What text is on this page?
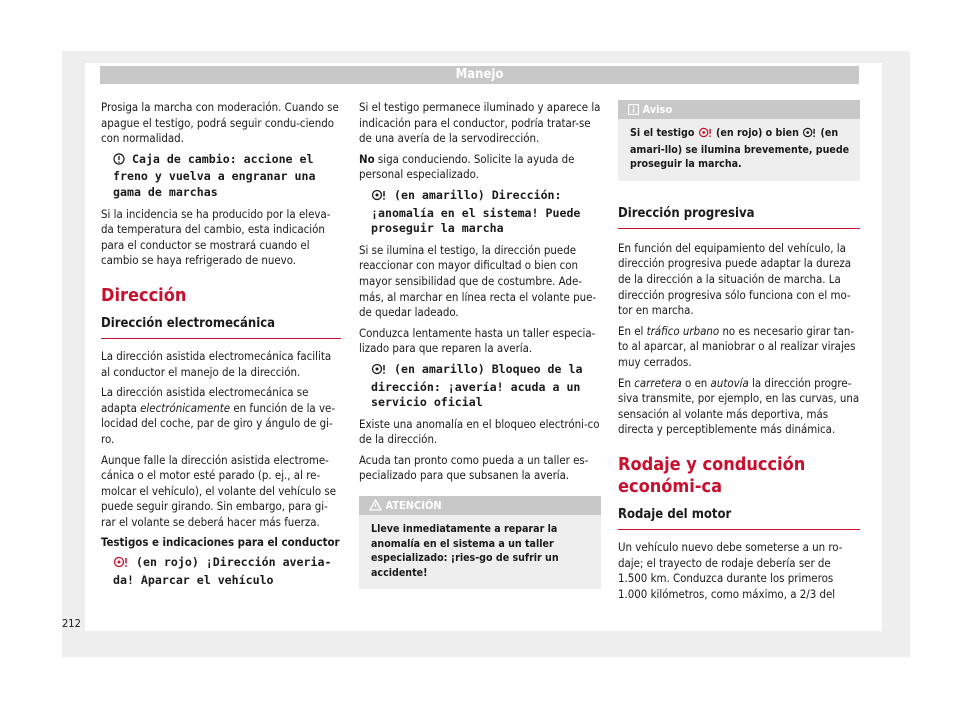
Manejo

Prosiga la marcha con moderación. Cuando se apague el testigo, podrá seguir condu-ciendo con normalidad.

Caja de cambio: accione el freno y vuelva a engranar una gama de marchas

Si la incidencia se ha producido por la eleva-da temperatura del cambio, esta indicación para el conductor se mostrará cuando el cambio se haya refrigerado de nuevo.

Dirección
Dirección electromecánica

La dirección asistida electromecánica facilita al conductor el manejo de la dirección.

La dirección asistida electromecánica se adapta electrónicamente en función de la ve-locidad del coche, par de giro y ángulo de gi-ro.

Aunque falle la dirección asistida electrome-cánica o el motor esté parado (p. ej., al re-molcar el vehículo), el volante del vehículo se puede seguir girando. Sin embargo, para gi-rar el volante se deberá hacer más fuerza.

Testigos e indicaciones para el conductor
(en rojo) ¡Dirección averia-da! Aparcar el vehículo

Si el testigo permanece iluminado y aparece la indicación para el conductor, podría tratar-se de una avería de la servodirección.

No siga conduciendo. Solicite la ayuda de personal especializado.

(en amarillo) Dirección: ¡anomalía en el sistema! Puede proseguir la marcha

Si se ilumina el testigo, la dirección puede reaccionar con mayor dificultad o bien con mayor sensibilidad que de costumbre. Ade-más, al marchar en línea recta el volante pue-de quedar ladeado.

Conduzca lentamente hasta un taller especia-lizado para que reparen la avería.

(en amarillo) Bloqueo de la dirección: ¡avería! acuda a un servicio oficial

Existe una anomalía en el bloqueo electróni-co de la dirección.

Acuda tan pronto como pueda a un taller es-pecializado para que subsanen la avería.

ATENCIÓN
Lleve inmediatamente a reparar la anomalía en el sistema a un taller especializado: ¡ries-go de sufrir un accidente!
Aviso
Si el testigo  (en rojo) o bien  (en amari-llo) se ilumina brevemente, puede proseguir la marcha.
Dirección progresiva

En función del equipamiento del vehículo, la dirección progresiva puede adaptar la dureza de la dirección a la situación de marcha. La dirección progresiva sólo funciona con el mo-tor en marcha.

En el tráfico urbano no es necesario girar tan-to al aparcar, al maniobrar o al realizar virajes muy cerrados.

En carretera o en autovía la dirección progre-siva transmite, por ejemplo, en las curvas, una sensación al volante más deportiva, más directa y perceptiblemente más dinámica.

Rodaje y conducción económi-ca
Rodaje del motor

Un vehículo nuevo debe someterse a un ro-daje; el trayecto de rodaje debería ser de 1.500 km. Conduzca durante los primeros 1.000 kilómetros, como máximo, a 2/3 del

212
